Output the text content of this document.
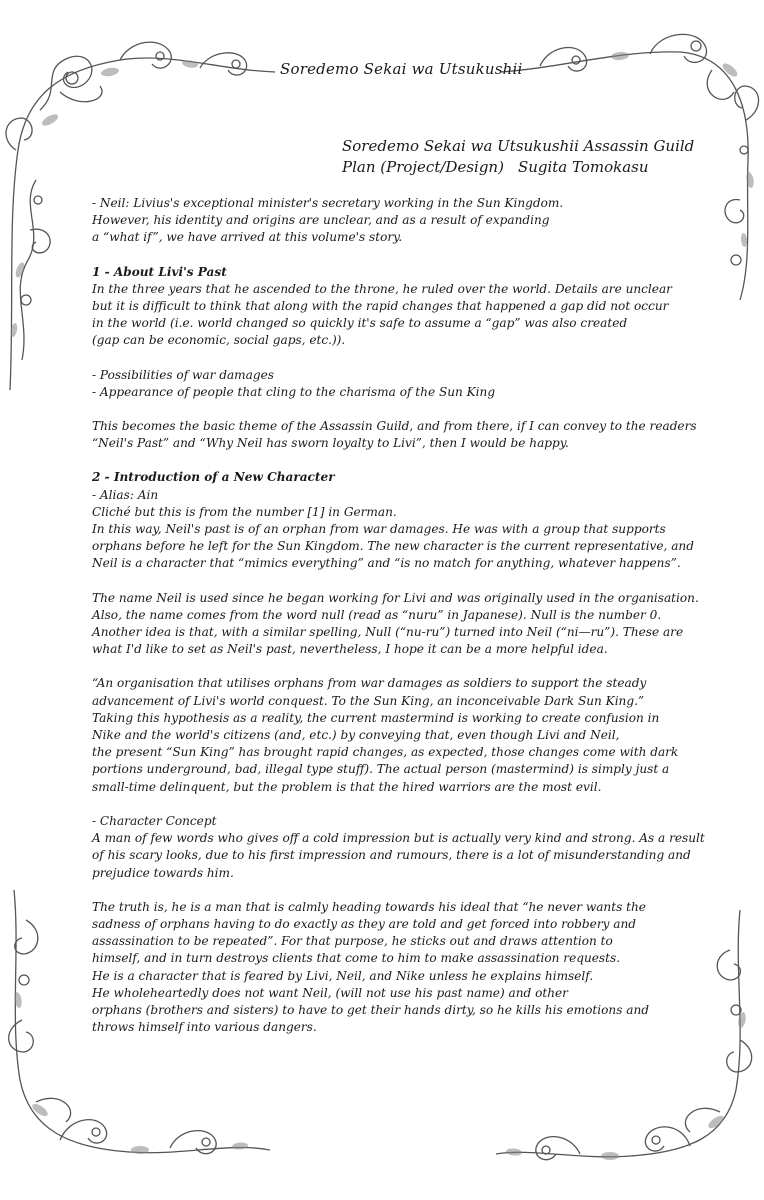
Soredemo Sekai wa Utsukushii
Soredemo Sekai wa Utsukushii Assassin Guild
Plan (Project/Design) Sugita Tomokasu
- Neil: Livius's exceptional minister's secretary working in the Sun Kingdom.
However, his identity and origins are unclear, and as a result of expanding
a “what if”, we have arrived at this volume's story.
1 - About Livi's Past
In the three years that he ascended to the throne, he ruled over the world. Details are unclear
but it is difficult to think that along with the rapid changes that happened a gap did not occur
in the world (i.e. world changed so quickly it's safe to assume a “gap” was also created
(gap can be economic, social gaps, etc.)).
- Possibilities of war damages
- Appearance of people that cling to the charisma of the Sun King
This becomes the basic theme of the Assassin Guild, and from there, if I can convey to the readers
“Neil's Past” and “Why Neil has sworn loyalty to Livi”, then I would be happy.
2 - Introduction of a New Character
- Alias: Ain
Cliché but this is from the number [1] in German.
In this way, Neil's past is of an orphan from war damages. He was with a group that supports
orphans before he left for the Sun Kingdom. The new character is the current representative, and
Neil is a character that “mimics everything” and “is no match for anything, whatever happens”.
The name Neil is used since he began working for Livi and was originally used in the organisation.
Also, the name comes from the word null (read as “nuru” in Japanese). Null is the number 0.
Another idea is that, with a similar spelling, Null (“nu-ru”) turned into Neil (“ni—ru”). These are
what I'd like to set as Neil's past, nevertheless, I hope it can be a more helpful idea.
“An organisation that utilises orphans from war damages as soldiers to support the steady
advancement of Livi's world conquest. To the Sun King, an inconceivable Dark Sun King.”
Taking this hypothesis as a reality, the current mastermind is working to create confusion in
Nike and the world's citizens (and, etc.) by conveying that, even though Livi and Neil,
the present “Sun King” has brought rapid changes, as expected, those changes come with dark
portions underground, bad, illegal type stuff). The actual person (mastermind) is simply just a
small-time delinquent, but the problem is that the hired warriors are the most evil.
- Character Concept
A man of few words who gives off a cold impression but is actually very kind and strong. As a result
of his scary looks, due to his first impression and rumours, there is a lot of misunderstanding and
prejudice towards him.
The truth is, he is a man that is calmly heading towards his ideal that “he never wants the
sadness of orphans having to do exactly as they are told and get forced into robbery and
assassination to be repeated”. For that purpose, he sticks out and draws attention to
himself, and in turn destroys clients that come to him to make assassination requests.
He is a character that is feared by Livi, Neil, and Nike unless he explains himself.
He wholeheartedly does not want Neil, (will not use his past name) and other
orphans (brothers and sisters) to have to get their hands dirty, so he kills his emotions and
throws himself into various dangers.
